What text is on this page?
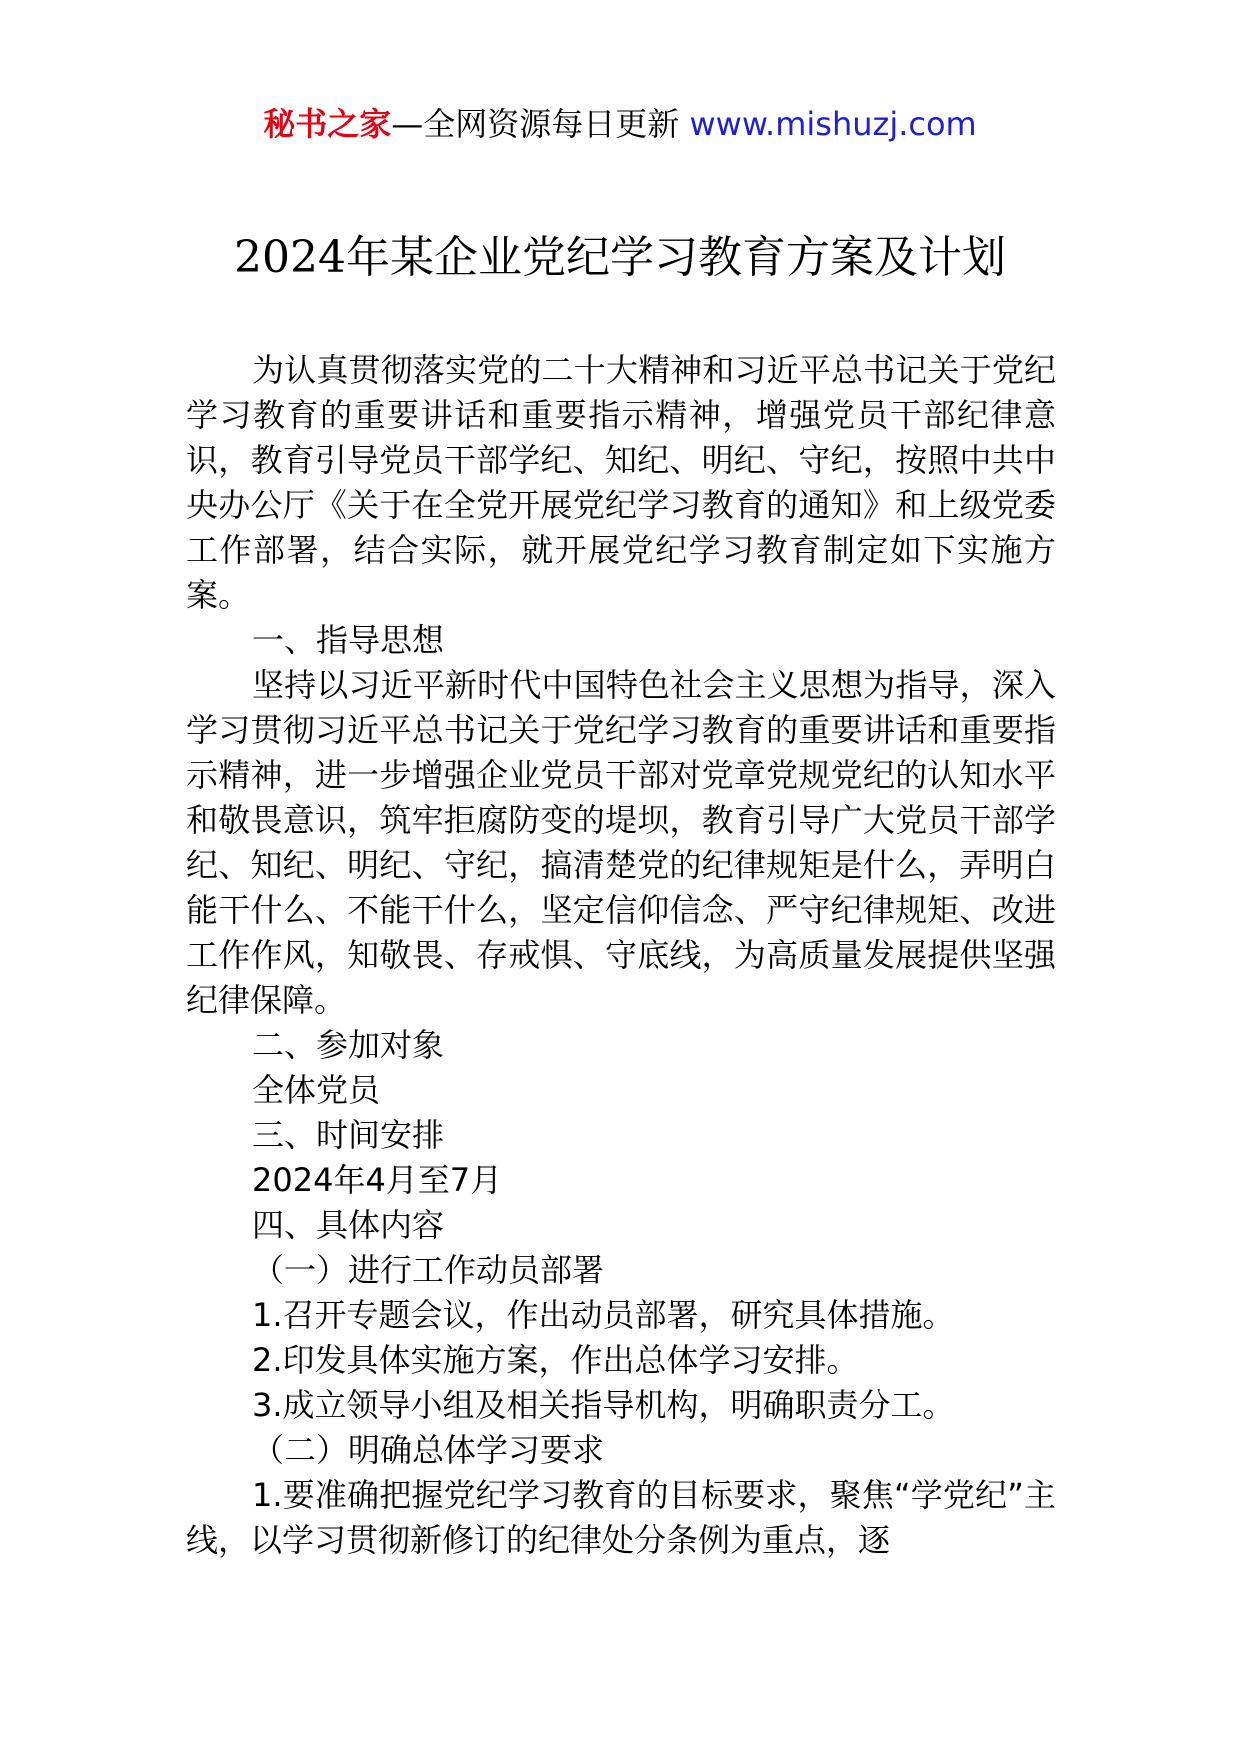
秘书之家—全网资源每日更新 www.mishuzj.com
2024年某企业党纪学习教育方案及计划

为认真贯彻落实党的二十大精神和习近平总书记关于党纪学习教育的重要讲话和重要指示精神，增强党员干部纪律意识，教育引导党员干部学纪、知纪、明纪、守纪，按照中共中央办公厅《关于在全党开展党纪学习教育的通知》和上级党委工作部署，结合实际，就开展党纪学习教育制定如下实施方案。

一、指导思想

坚持以习近平新时代中国特色社会主义思想为指导，深入学习贯彻习近平总书记关于党纪学习教育的重要讲话和重要指示精神，进一步增强企业党员干部对党章党规党纪的认知水平和敬畏意识，筑牢拒腐防变的堤坝，教育引导广大党员干部学纪、知纪、明纪、守纪，搞清楚党的纪律规矩是什么，弄明白能干什么、不能干什么，坚定信仰信念、严守纪律规矩、改进工作作风，知敬畏、存戒惧、守底线，为高质量发展提供坚强纪律保障。

二、参加对象

全体党员

三、时间安排

2024年4月至7月

四、具体内容

（一）进行工作动员部署

1.召开专题会议，作出动员部署，研究具体措施。

2.印发具体实施方案，作出总体学习安排。

3.成立领导小组及相关指导机构，明确职责分工。

（二）明确总体学习要求

1.要准确把握党纪学习教育的目标要求，聚焦“学党纪”主线，以学习贯彻新修订的纪律处分条例为重点，逐
